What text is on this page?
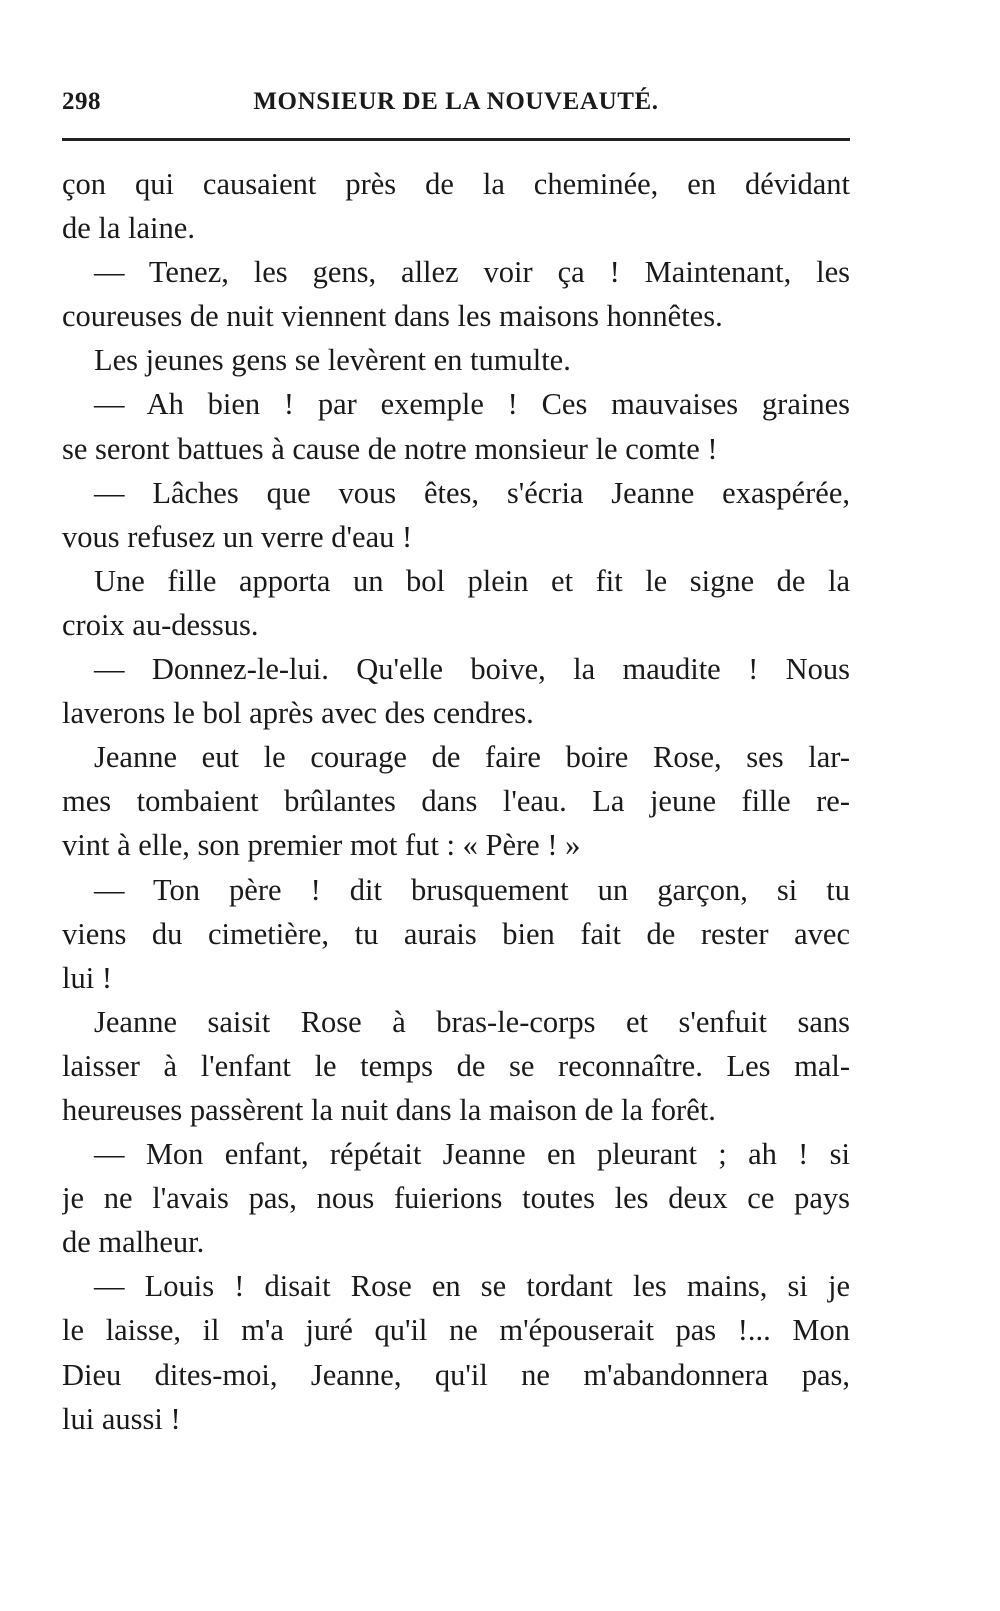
298	MONSIEUR DE LA NOUVEAUTÉ.
çon qui causaient près de la cheminée, en dévidant
de la laine.
— Tenez, les gens, allez voir ça ! Maintenant, les
coureuses de nuit viennent dans les maisons honnêtes.
Les jeunes gens se levèrent en tumulte.
— Ah bien ! par exemple ! Ces mauvaises graines
se seront battues à cause de notre monsieur le comte !
— Lâches que vous êtes, s'écria Jeanne exaspérée,
vous refusez un verre d'eau !
Une fille apporta un bol plein et fit le signe de la
croix au-dessus.
— Donnez-le-lui. Qu'elle boive, la maudite ! Nous
laverons le bol après avec des cendres.
Jeanne eut le courage de faire boire Rose, ses lar-
mes tombaient brûlantes dans l'eau. La jeune fille re-
vint à elle, son premier mot fut : « Père ! »
— Ton père ! dit brusquement un garçon, si tu
viens du cimetière, tu aurais bien fait de rester avec
lui !
Jeanne saisit Rose à bras-le-corps et s'enfuit sans
laisser à l'enfant le temps de se reconnaître. Les mal-
heureuses passèrent la nuit dans la maison de la forêt.
— Mon enfant, répétait Jeanne en pleurant ; ah ! si
je ne l'avais pas, nous fuierions toutes les deux ce pays
de malheur.
— Louis ! disait Rose en se tordant les mains, si je
le laisse, il m'a juré qu'il ne m'épouserait pas !... Mon
Dieu dites-moi, Jeanne, qu'il ne m'abandonnera pas,
lui aussi !
